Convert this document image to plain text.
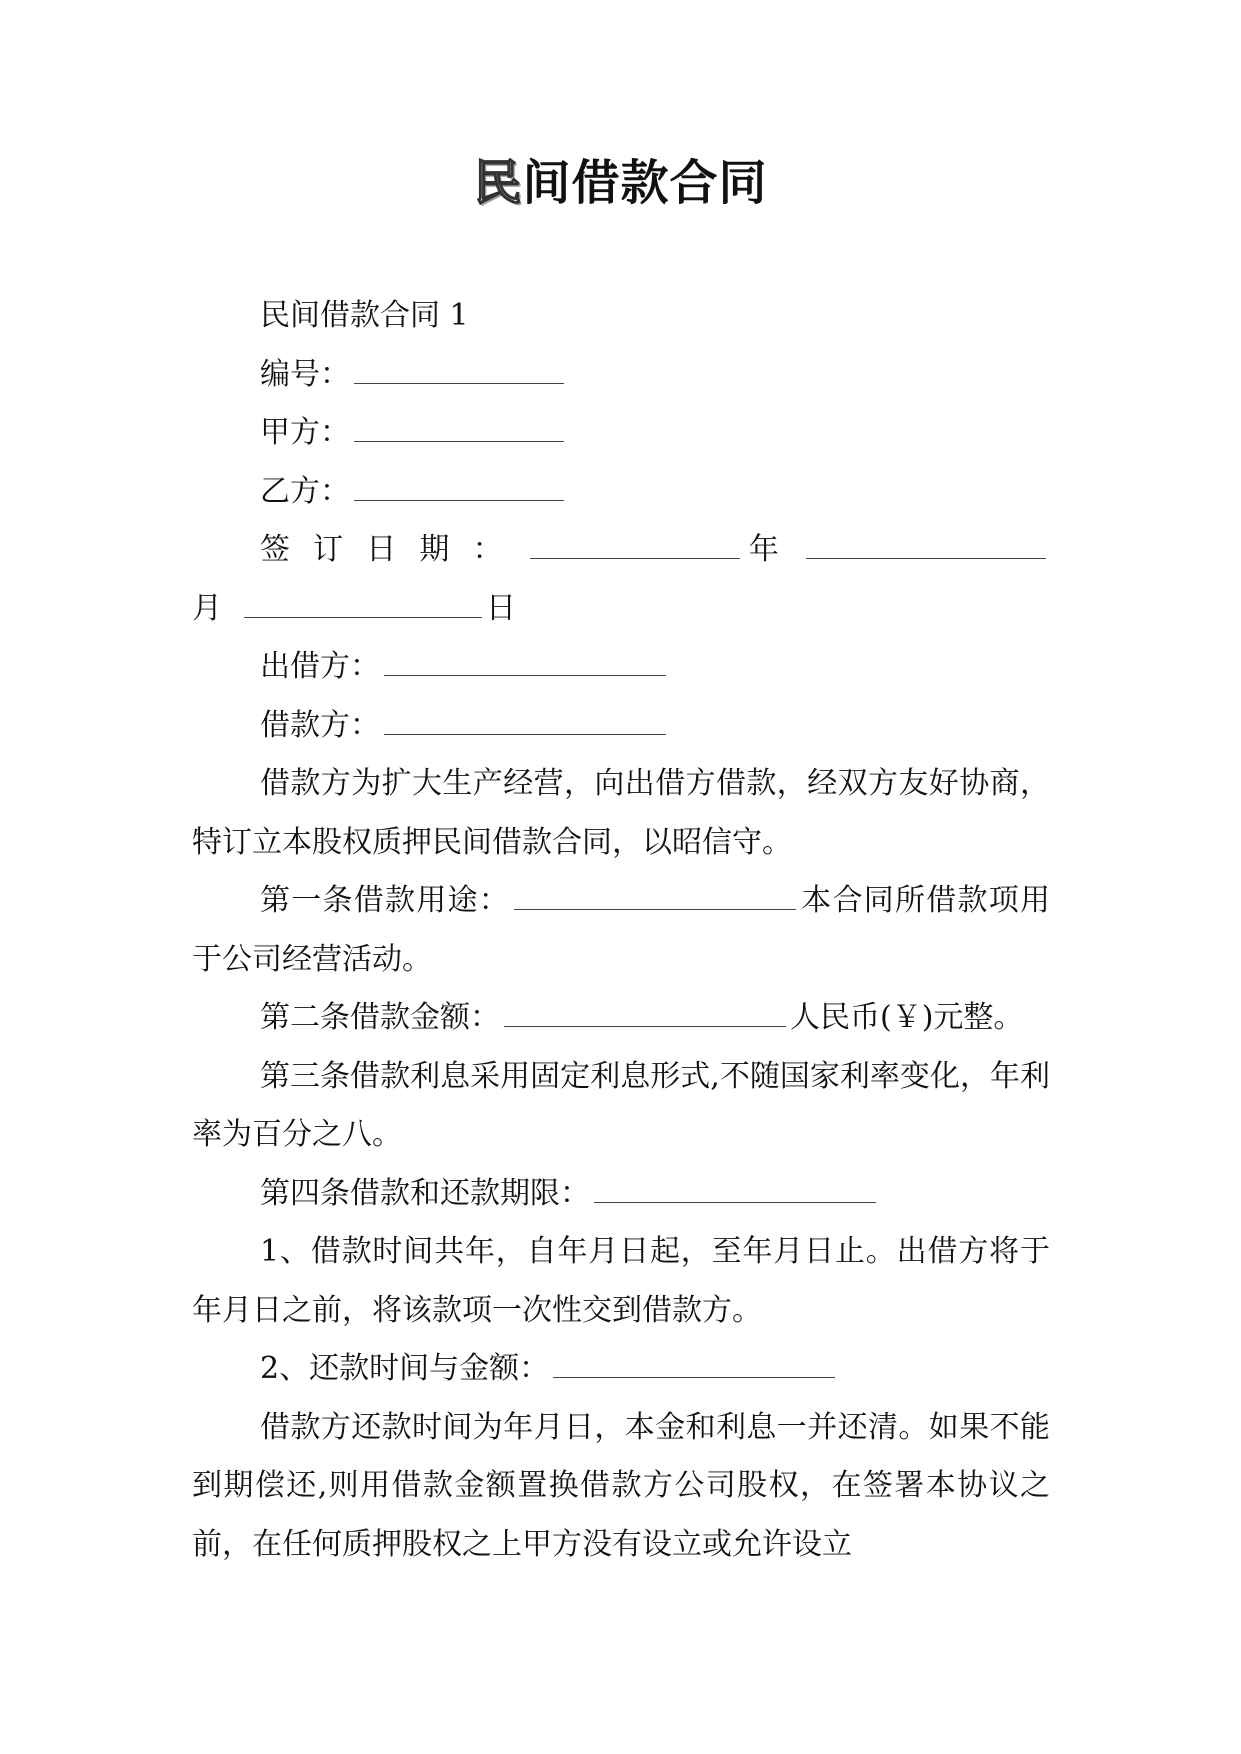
民间借款合同

民间借款合同 1

编号：

甲方：

乙方：

签订日期：	年月	日

出借方：

借款方：

借款方为扩大生产经营，向出借方借款，经双方友好协商，特订立本股权质押民间借款合同，以昭信守。

第一条借款用途：	本合同所借款项用于公司经营活动。

第二条借款金额：	人民币(￥)元整。

第三条借款利息采用固定利息形式,不随国家利率变化，年利率为百分之八。

第四条借款和还款期限：

1、借款时间共年，自年月日起，至年月日止。出借方将于年月日之前，将该款项一次性交到借款方。

2、还款时间与金额：

借款方还款时间为年月日，本金和利息一并还清。如果不能到期偿还,则用借款金额置换借款方公司股权，在签署本协议之前，在任何质押股权之上甲方没有设立或允许设立
